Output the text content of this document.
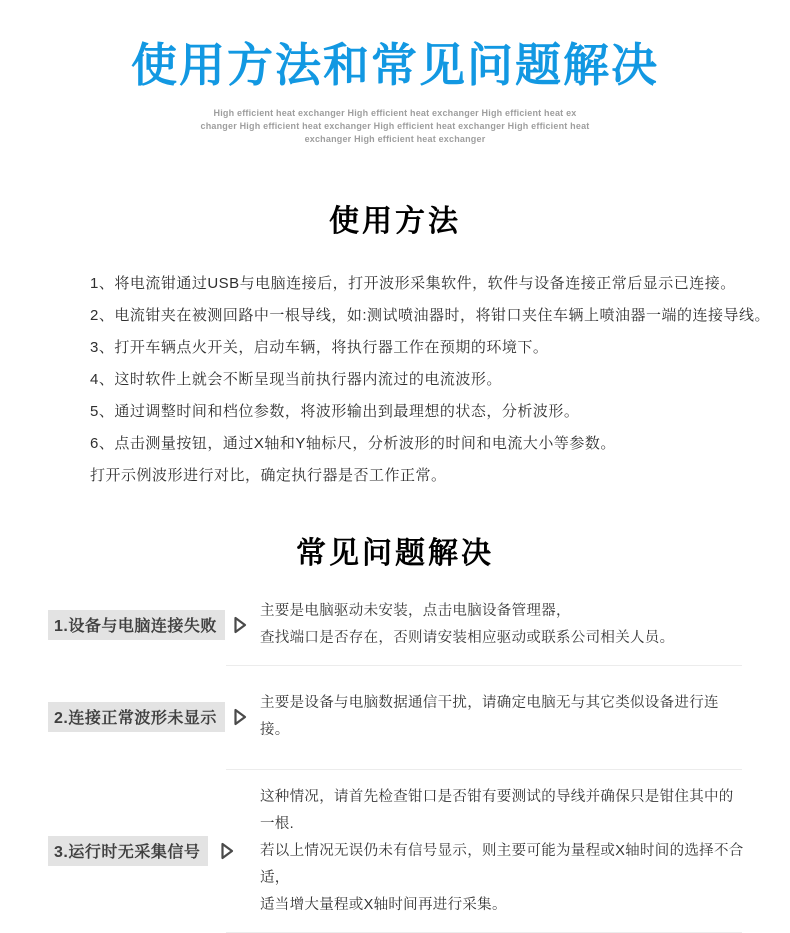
使用方法和常见问题解决
High efficient heat exchanger High efficient heat exchanger High efficient heat ex
changer High efficient heat exchanger High efficient heat exchanger High efficient heat
exchanger High efficient heat exchanger
使用方法
1、将电流钳通过USB与电脑连接后，打开波形采集软件，软件与设备连接正常后显示已连接。
2、电流钳夹在被测回路中一根导线，如:测试喷油器时，将钳口夹住车辆上喷油器一端的连接导线。
3、打开车辆点火开关，启动车辆，将执行器工作在预期的环境下。
4、这时软件上就会不断呈现当前执行器内流过的电流波形。
5、通过调整时间和档位参数，将波形输出到最理想的状态，分析波形。
6、点击测量按钮，通过X轴和Y轴标尺，分析波形的时间和电流大小等参数。
打开示例波形进行对比，确定执行器是否工作正常。
常见问题解决
1.设备与电脑连接失败
主要是电脑驱动未安装，点击电脑设备管理器，
查找端口是否存在，否则请安装相应驱动或联系公司相关人员。
2.连接正常波形未显示
主要是设备与电脑数据通信干扰，请确定电脑无与其它类似设备进行连接。
3.运行时无采集信号
这种情况，请首先检查钳口是否钳有要测试的导线并确保只是钳住其中的一根.
若以上情况无误仍未有信号显示，则主要可能为量程或X轴时间的选择不合适，
适当增大量程或X轴时间再进行采集。
